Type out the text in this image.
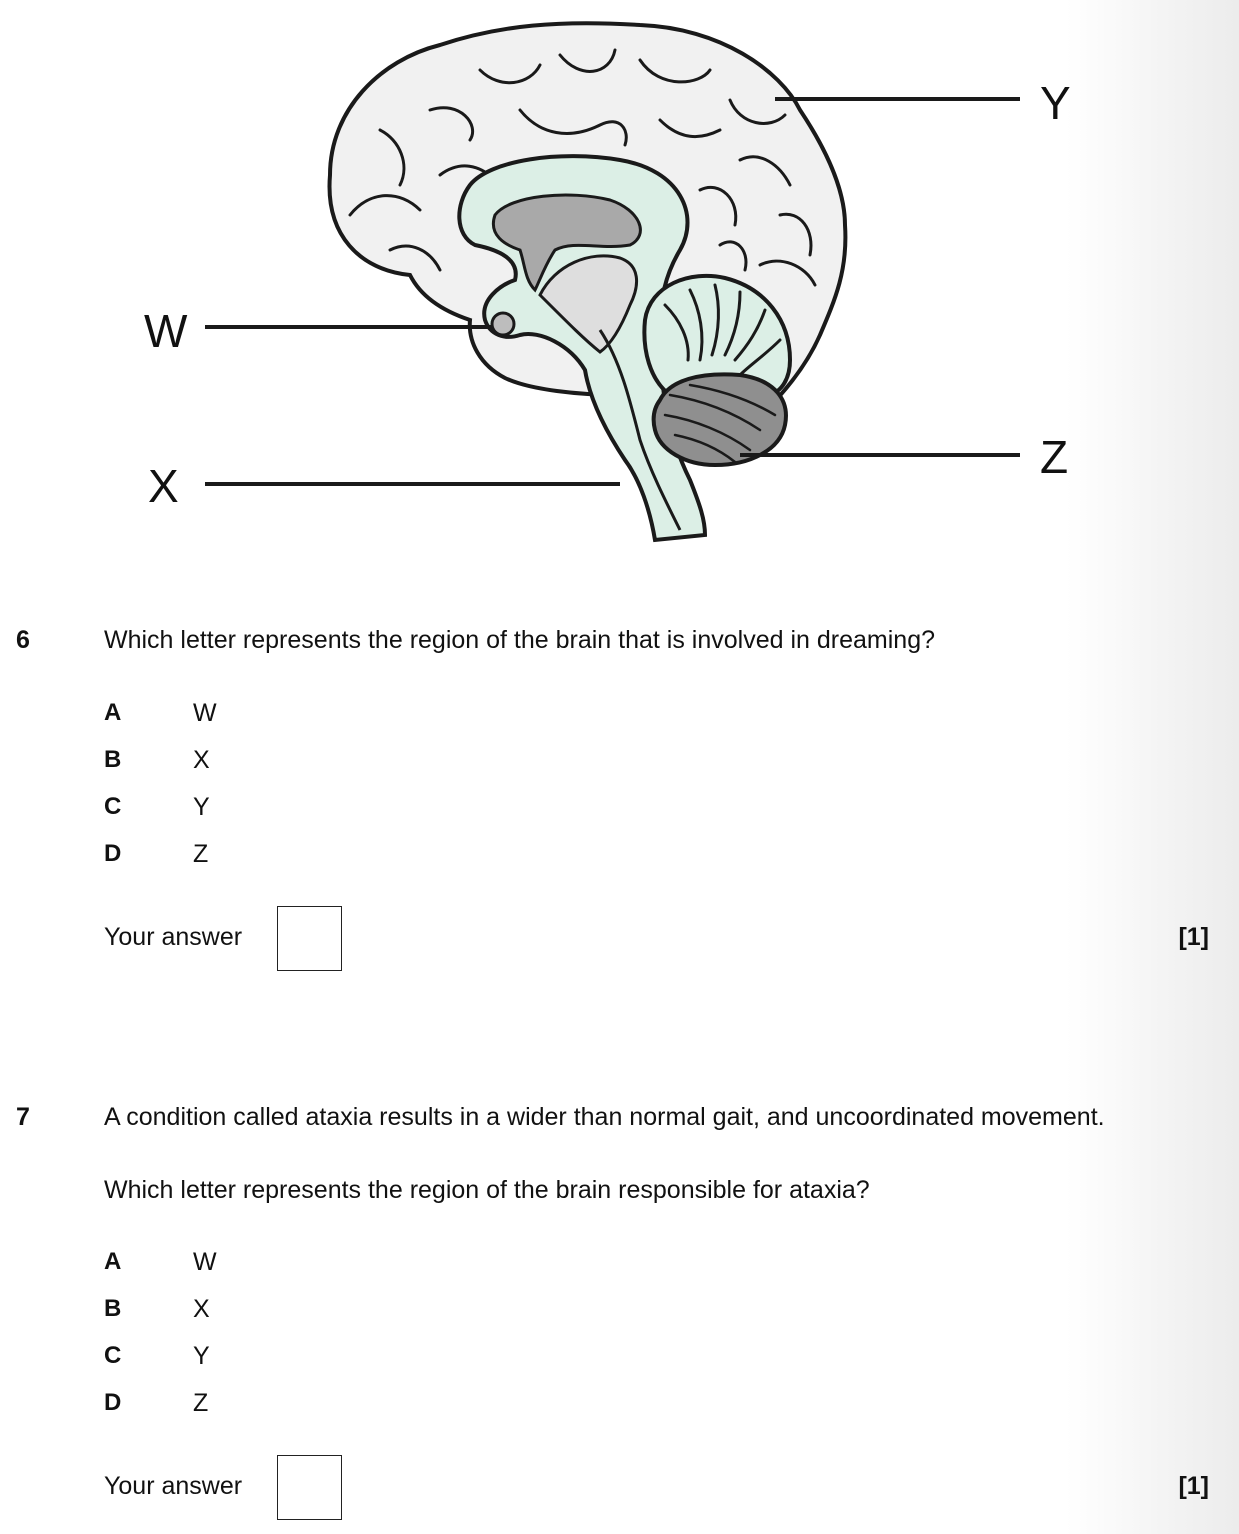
Y
W
Z
X
6	Which letter represents the region of the brain that is involved in dreaming?
A	W
B	X
C	Y
D	Z
Your answer	[1]
7	A condition called ataxia results in a wider than normal gait, and uncoordinated movement.
Which letter represents the region of the brain responsible for ataxia?
A	W
B	X
C	Y
D	Z
Your answer	[1]
